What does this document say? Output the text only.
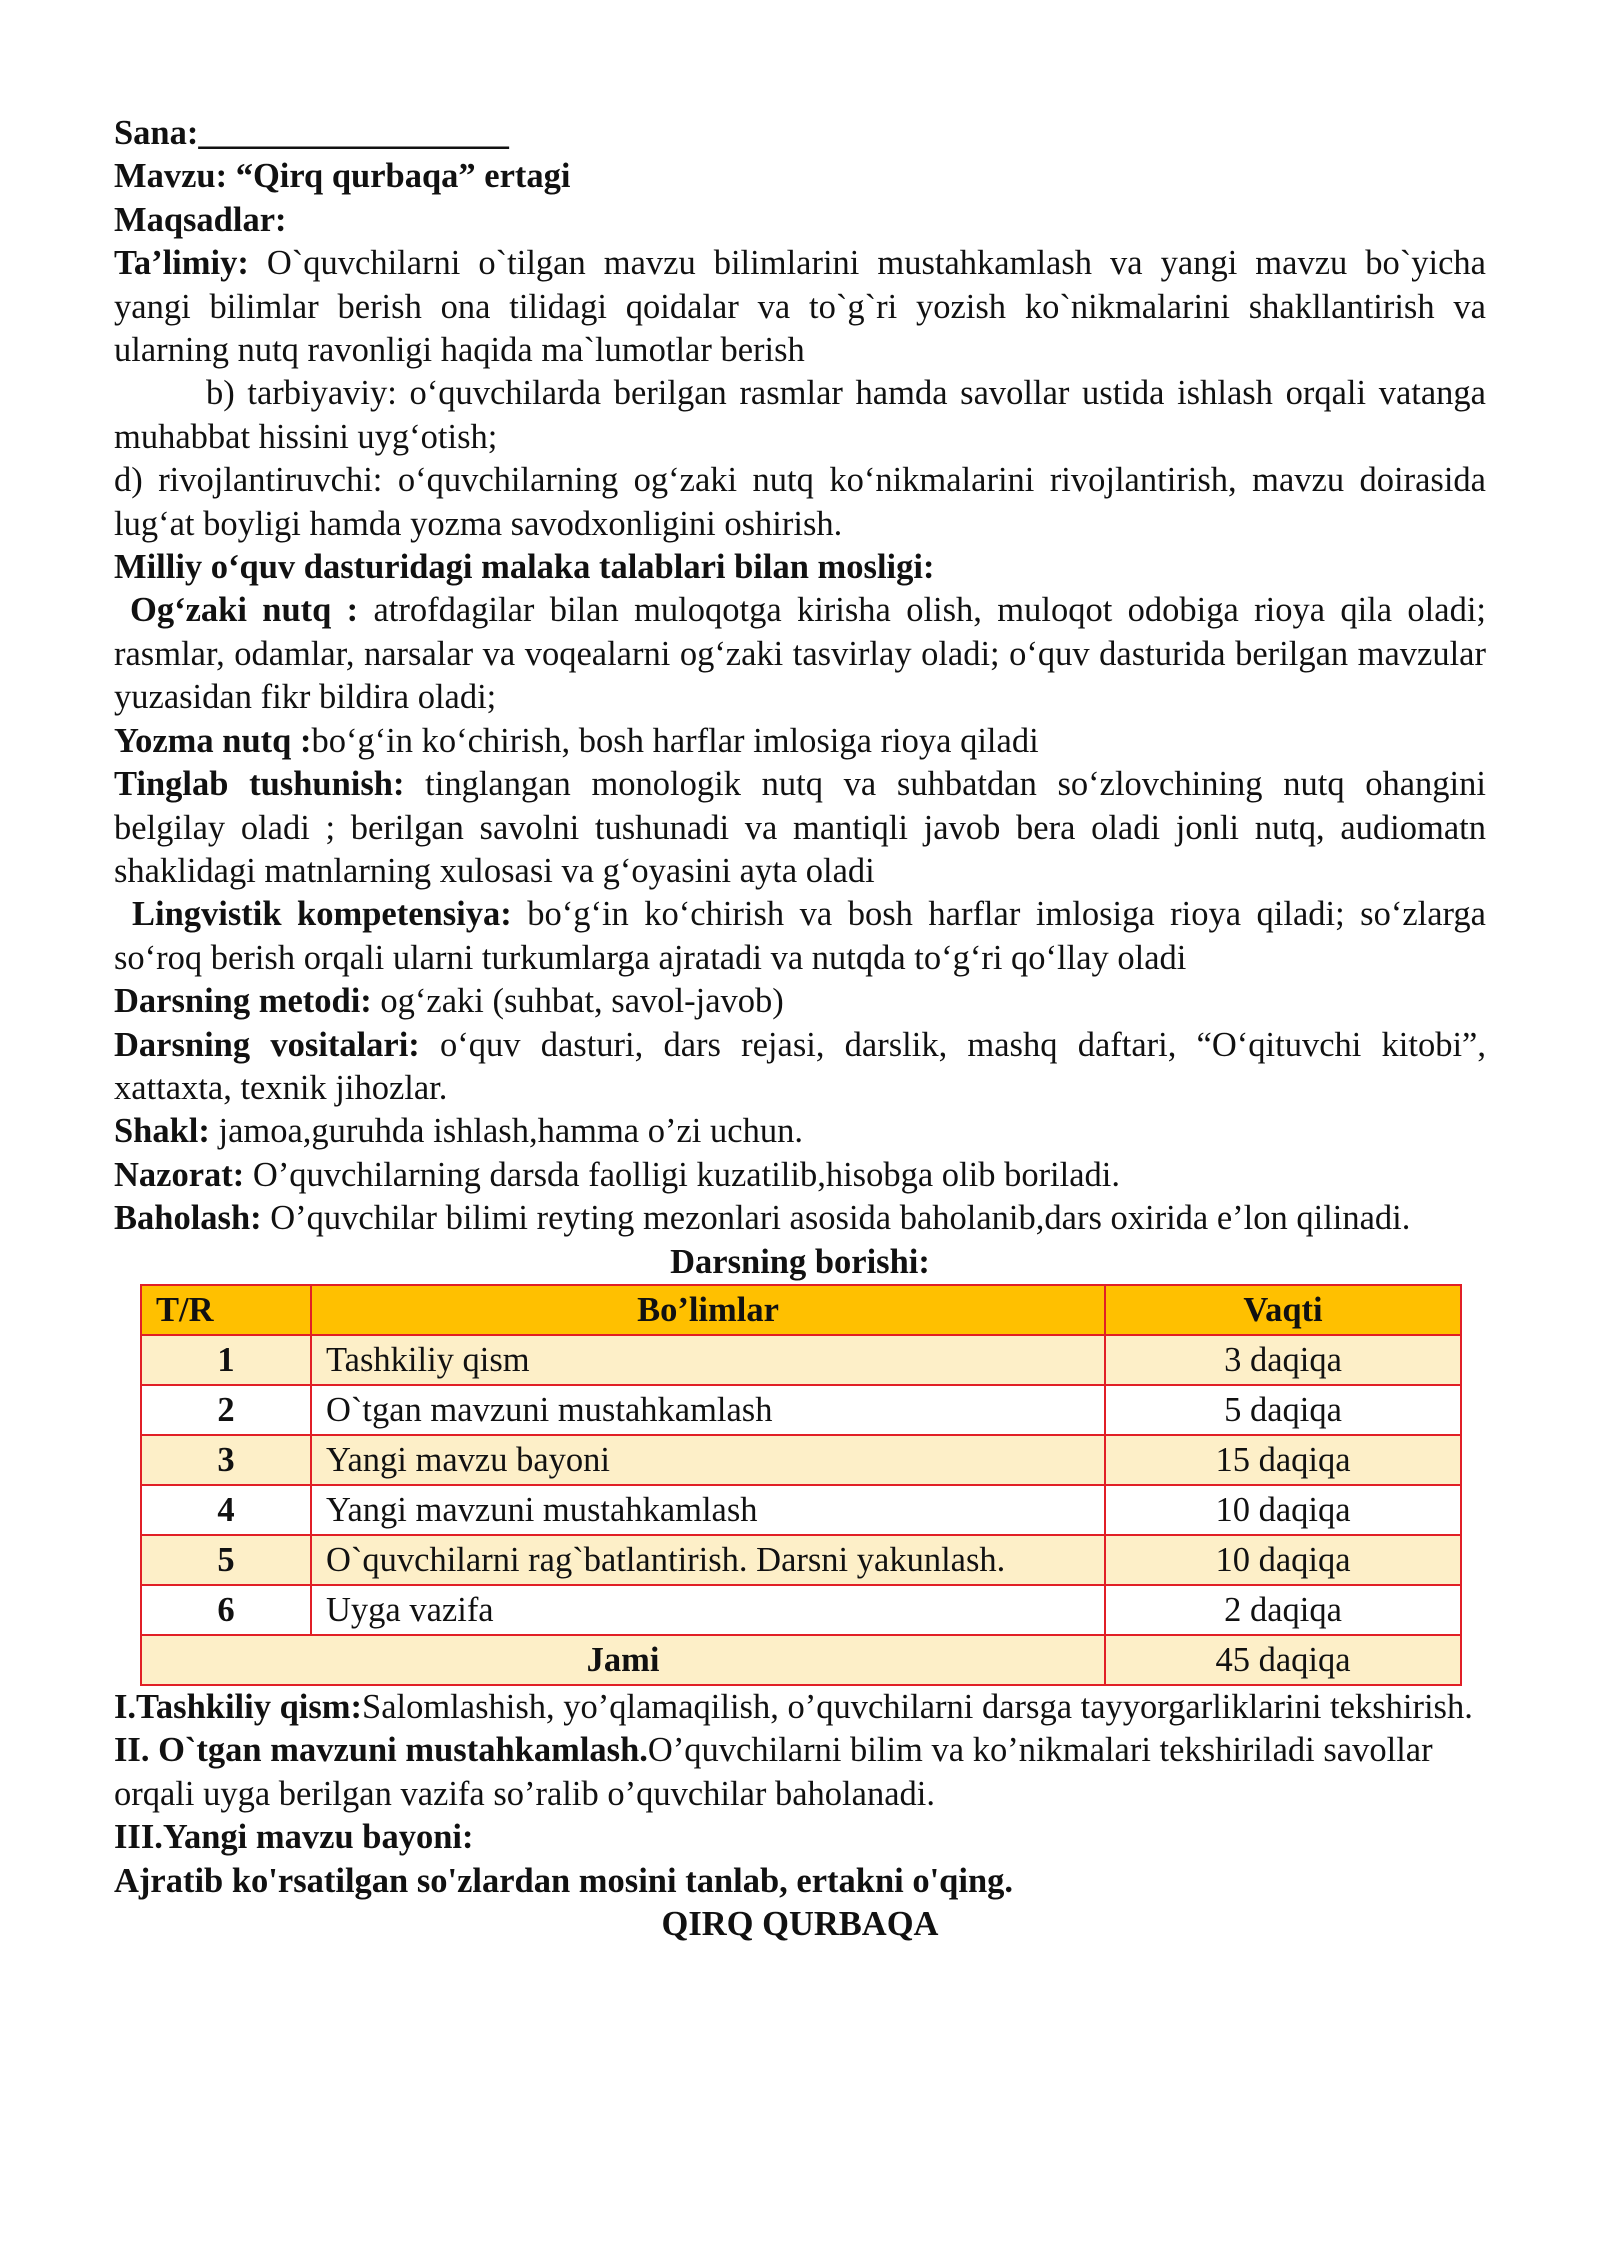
Sana:__________________

Mavzu: “Qirq qurbaqa” ertagi

Maqsadlar:

Ta’limiy: O`quvchilarni o`tilgan mavzu bilimlarini mustahkamlash va yangi mavzu bo`yicha yangi bilimlar berish ona tilidagi qoidalar va to`g`ri yozish ko`nikmalarini shakllantirish va ularning nutq ravonligi haqida ma`lumotlar berish

b) tarbiyaviy: o‘quvchilarda berilgan rasmlar hamda savollar ustida ishlash orqali vatanga muhabbat hissini uyg‘otish;

d) rivojlantiruvchi: o‘quvchilarning og‘zaki nutq ko‘nikmalarini rivojlantirish, mavzu doirasida lug‘at boyligi hamda yozma savodxonligini oshirish.

Milliy o‘quv dasturidagi malaka talablari bilan mosligi:

Og‘zaki nutq : atrofdagilar bilan muloqotga kirisha olish, muloqot odobiga rioya qila oladi; rasmlar, odamlar, narsalar va voqealarni og‘zaki tasvirlay oladi; o‘quv dasturida berilgan mavzular yuzasidan fikr bildira oladi;

Yozma nutq :bo‘g‘in ko‘chirish, bosh harflar imlosiga rioya qiladi

Tinglab tushunish: tinglangan monologik nutq va suhbatdan so‘zlovchining nutq ohangini belgilay oladi ; berilgan savolni tushunadi va mantiqli javob bera oladi jonli nutq, audiomatn shaklidagi matnlarning xulosasi va g‘oyasini ayta oladi

Lingvistik kompetensiya: bo‘g‘in ko‘chirish va bosh harflar imlosiga rioya qiladi; so‘zlarga so‘roq berish orqali ularni turkumlarga ajratadi va nutqda to‘g‘ri qo‘llay oladi

Darsning metodi: og‘zaki (suhbat, savol-javob)

Darsning vositalari: o‘quv dasturi, dars rejasi, darslik, mashq daftari, “O‘qituvchi kitobi”, xattaxta, texnik jihozlar.

Shakl: jamoa,guruhda ishlash,hamma o’zi uchun.

Nazorat: O’quvchilarning darsda faolligi kuzatilib,hisobga olib boriladi.

Baholash: O’quvchilar bilimi reyting mezonlari asosida baholanib,dars oxirida e’lon qilinadi.

Darsning borishi:

T/R	Bo’limlar	Vaqti
1	Tashkiliy qism	3 daqiqa
2	O`tgan mavzuni mustahkamlash	5 daqiqa
3	Yangi mavzu bayoni	15 daqiqa
4	Yangi mavzuni mustahkamlash	10 daqiqa
5	O`quvchilarni rag`batlantirish. Darsni yakunlash.	10 daqiqa
6	Uyga vazifa	2 daqiqa
Jami		45 daqiqa

I.Tashkiliy qism:Salomlashish, yo’qlamaqilish, o’quvchilarni darsga tayyorgarliklarini tekshirish.

II. O`tgan mavzuni mustahkamlash.O’quvchilarni bilim va ko’nikmalari tekshiriladi savollar orqali uyga berilgan vazifa so’ralib o’quvchilar baholanadi.

III.Yangi mavzu bayoni:

Ajratib ko'rsatilgan so'zlardan mosini tanlab, ertakni o'qing.

QIRQ QURBAQA
